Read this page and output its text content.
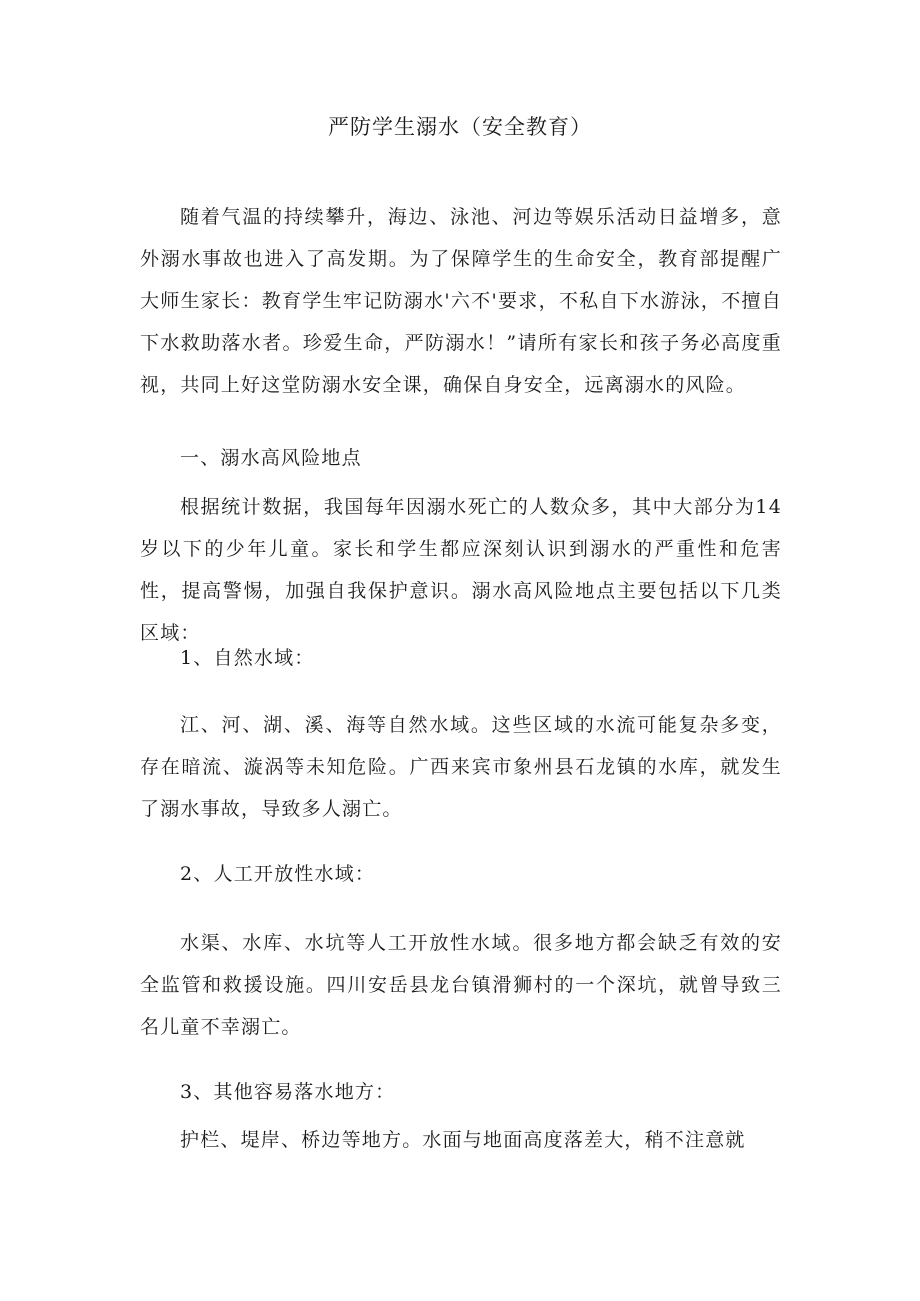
严防学生溺水（安全教育）

随着气温的持续攀升，海边、泳池、河边等娱乐活动日益增多，意外溺水事故也进入了高发期。为了保障学生的生命安全，教育部提醒广大师生家长：教育学生牢记防溺水'六不'要求，不私自下水游泳，不擅自下水救助落水者。珍爱生命，严防溺水！”请所有家长和孩子务必高度重视，共同上好这堂防溺水安全课，确保自身安全，远离溺水的风险。

一、溺水高风险地点

根据统计数据，我国每年因溺水死亡的人数众多，其中大部分为14岁以下的少年儿童。家长和学生都应深刻认识到溺水的严重性和危害性，提高警惕，加强自我保护意识。溺水高风险地点主要包括以下几类区域：

1、自然水域：

江、河、湖、溪、海等自然水域。这些区域的水流可能复杂多变，存在暗流、漩涡等未知危险。广西来宾市象州县石龙镇的水库，就发生了溺水事故，导致多人溺亡。

2、人工开放性水域：

水渠、水库、水坑等人工开放性水域。很多地方都会缺乏有效的安全监管和救援设施。四川安岳县龙台镇滑狮村的一个深坑，就曾导致三名儿童不幸溺亡。

3、其他容易落水地方：

护栏、堤岸、桥边等地方。水面与地面高度落差大，稍不注意就
